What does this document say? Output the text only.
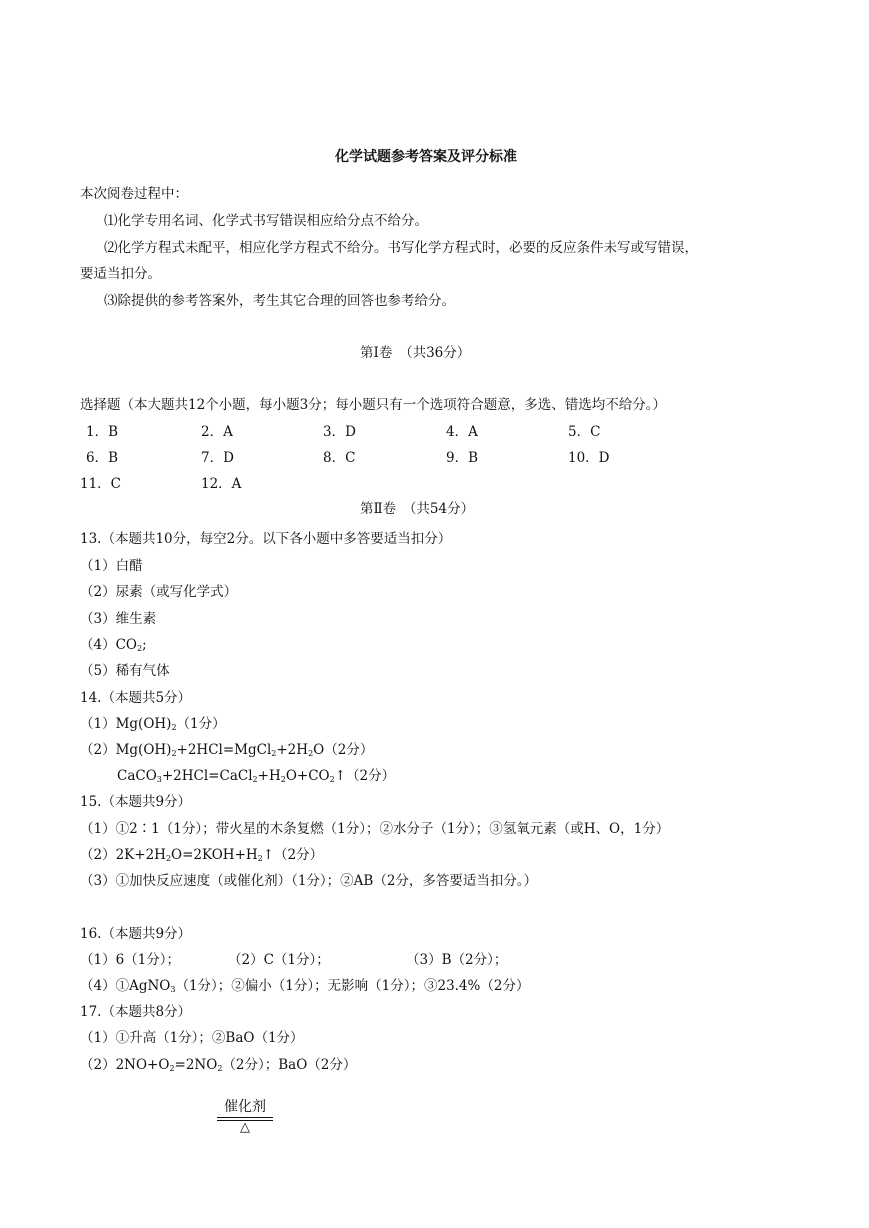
化学试题参考答案及评分标准
本次阅卷过程中：
⑴化学专用名词、化学式书写错误相应给分点不给分。
⑵化学方程式未配平，相应化学方程式不给分。书写化学方程式时，必要的反应条件未写或写错误，
要适当扣分。
⑶除提供的参考答案外，考生其它合理的回答也参考给分。
第Ⅰ卷　（共36分）
选择题（本大题共12个小题，每小题3分；每小题只有一个选项符合题意，多选、错选均不给分。）
1．B	2．A	3．D	4．A	5．C
6．B	7．D	8．C	9．B	10．D
11．C	12．A
第Ⅱ卷　（共54分）
13.（本题共10分，每空2分。以下各小题中多答要适当扣分）
（1）白醋
（2）尿素（或写化学式）
（3）维生素
$(4)CO_2$;
（5）稀有气体
14.（本题共5分）
$(1)Mg(OH)_2(1$分）
$(2)Mg(OH)_2+2HCl=MgCl_2+2H_2O(2$分）
$CaCO_3+2HCl=CaCl_2+H_2O+CO_2↑(2$分）
15.（本题共9分）
（1）①2∶1（1分）；带火星的木条复燃（1分）；②水分子（1分）；③氢氧元素（或H、O，1分）
$(2)2K+2H_2O=2KOH+H_2↑(2$分）
（3）①加快反应速度（或催化剂）（1分）；②AB（2分，多答要适当扣分。）
16.（本题共9分）
（1）6（1分）；	（2）C（1分）；	（3）B（2分）；
（4）①AgNO$_3$（1分）；②偏小（1分）；无影响（1分）；③23.4%（2分）
17.（本题共8分）
（1）①升高（1分）；②BaO（1分）
$(2)2NO+O_2=2NO_2(2$分）；BaO（2分）
催化剂
△
